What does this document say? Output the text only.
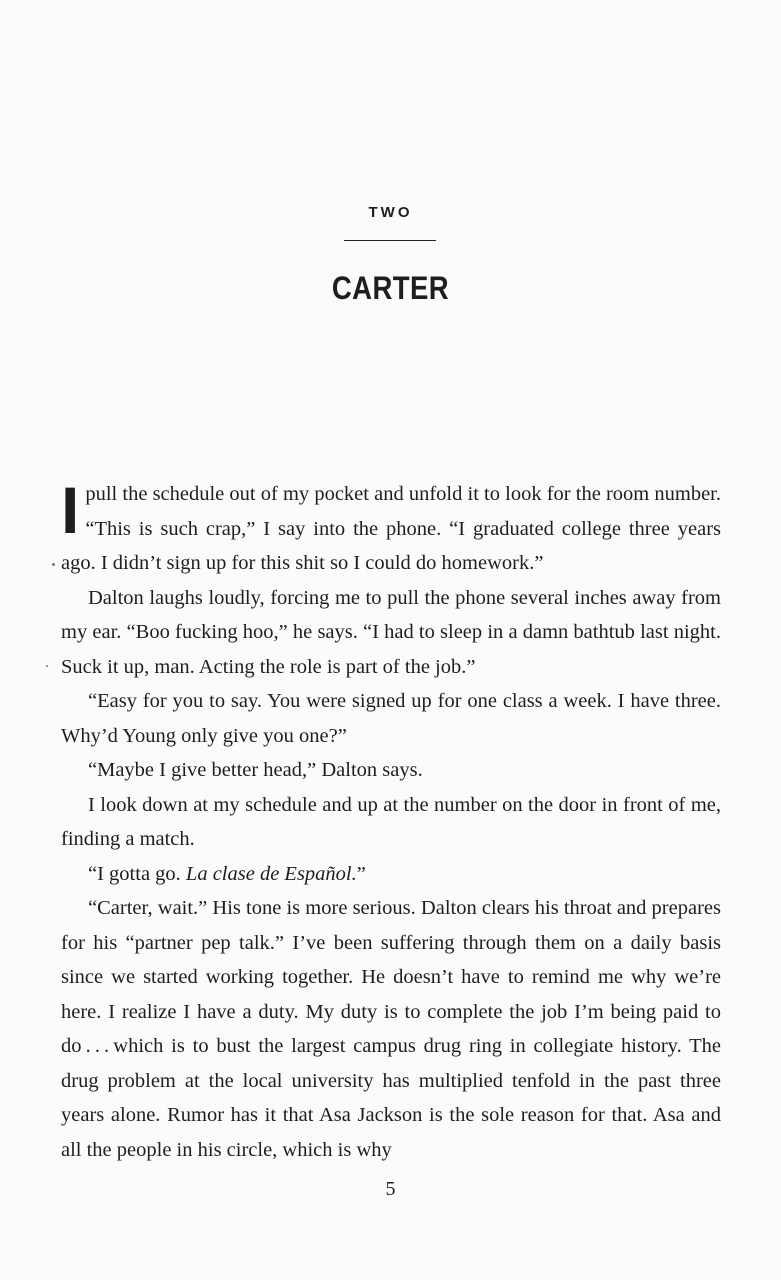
TWO
CARTER

I pull the schedule out of my pocket and unfold it to look for the room number. “This is such crap,” I say into the phone. “I graduated college three years ago. I didn’t sign up for this shit so I could do homework.”

Dalton laughs loudly, forcing me to pull the phone several inches away from my ear. “Boo fucking hoo,” he says. “I had to sleep in a damn bathtub last night. Suck it up, man. Acting the role is part of the job.”

“Easy for you to say. You were signed up for one class a week. I have three. Why’d Young only give you one?”

“Maybe I give better head,” Dalton says.

I look down at my schedule and up at the number on the door in front of me, finding a match.

“I gotta go. La clase de Español.”

“Carter, wait.” His tone is more serious. Dalton clears his throat and prepares for his “partner pep talk.” I’ve been suffering through them on a daily basis since we started working together. He doesn’t have to remind me why we’re here. I realize I have a duty. My duty is to complete the job I’m being paid to do . . . which is to bust the largest campus drug ring in collegiate history. The drug problem at the local university has multiplied tenfold in the past three years alone. Rumor has it that Asa Jackson is the sole reason for that. Asa and all the people in his circle, which is why

5
